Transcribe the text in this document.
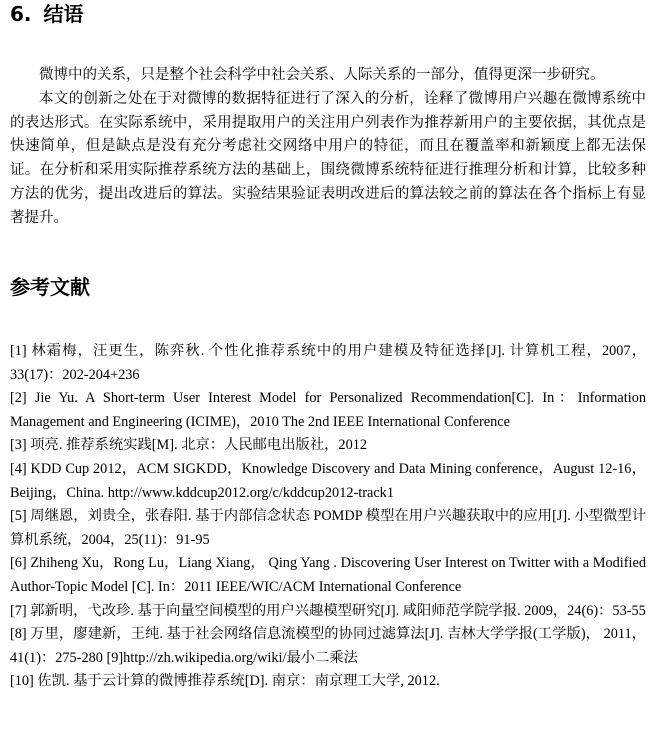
6. 结语

微博中的关系，只是整个社会科学中社会关系、人际关系的一部分，值得更深一步研究。

本文的创新之处在于对微博的数据特征进行了深入的分析，诠释了微博用户兴趣在微博系统中的表达形式。在实际系统中，采用提取用户的关注用户列表作为推荐新用户的主要依据，其优点是快速简单，但是缺点是没有充分考虑社交网络中用户的特征，而且在覆盖率和新颖度上都无法保证。在分析和采用实际推荐系统方法的基础上，围绕微博系统特征进行推理分析和计算，比较多种方法的优劣，提出改进后的算法。实验结果验证表明改进后的算法较之前的算法在各个指标上有显著提升。

参考文献

[1] 林霜梅，汪更生，陈弈秋. 个性化推荐系统中的用户建模及特征选择[J]. 计算机工程，2007，33(17)：202-204+236

[2] Jie Yu. A Short-term User Interest Model for Personalized Recommendation[C]. In：Information Management and Engineering (ICIME)，2010 The 2nd IEEE International Conference

[3] 项亮. 推荐系统实践[M]. 北京：人民邮电出版社，2012

[4] KDD Cup 2012，ACM SIGKDD，Knowledge Discovery and Data Mining conference，August 12-16，Beijing，China. http://www.kddcup2012.org/c/kddcup2012-track1

[5] 周继恩，刘贵全，张春阳. 基于内部信念状态 POMDP 模型在用户兴趣获取中的应用[J]. 小型微型计算机系统，2004，25(11)：91-95

[6] Zhiheng Xu，Rong Lu，Liang Xiang， Qing Yang . Discovering User Interest on Twitter with a Modified Author-Topic Model [C]. In：2011 IEEE/WIC/ACM International Conference

[7] 郭新明，弋改珍. 基于向量空间模型的用户兴趣模型研究[J]. 咸阳师范学院学报. 2009，24(6)：53-55

[8] 万里，廖建新，王纯. 基于社会网络信息流模型的协同过滤算法[J]. 吉林大学学报(工学版)， 2011，41(1)：275-280 [9]http://zh.wikipedia.org/wiki/最小二乘法

[10] 佐凯. 基于云计算的微博推荐系统[D]. 南京：南京理工大学, 2012.
